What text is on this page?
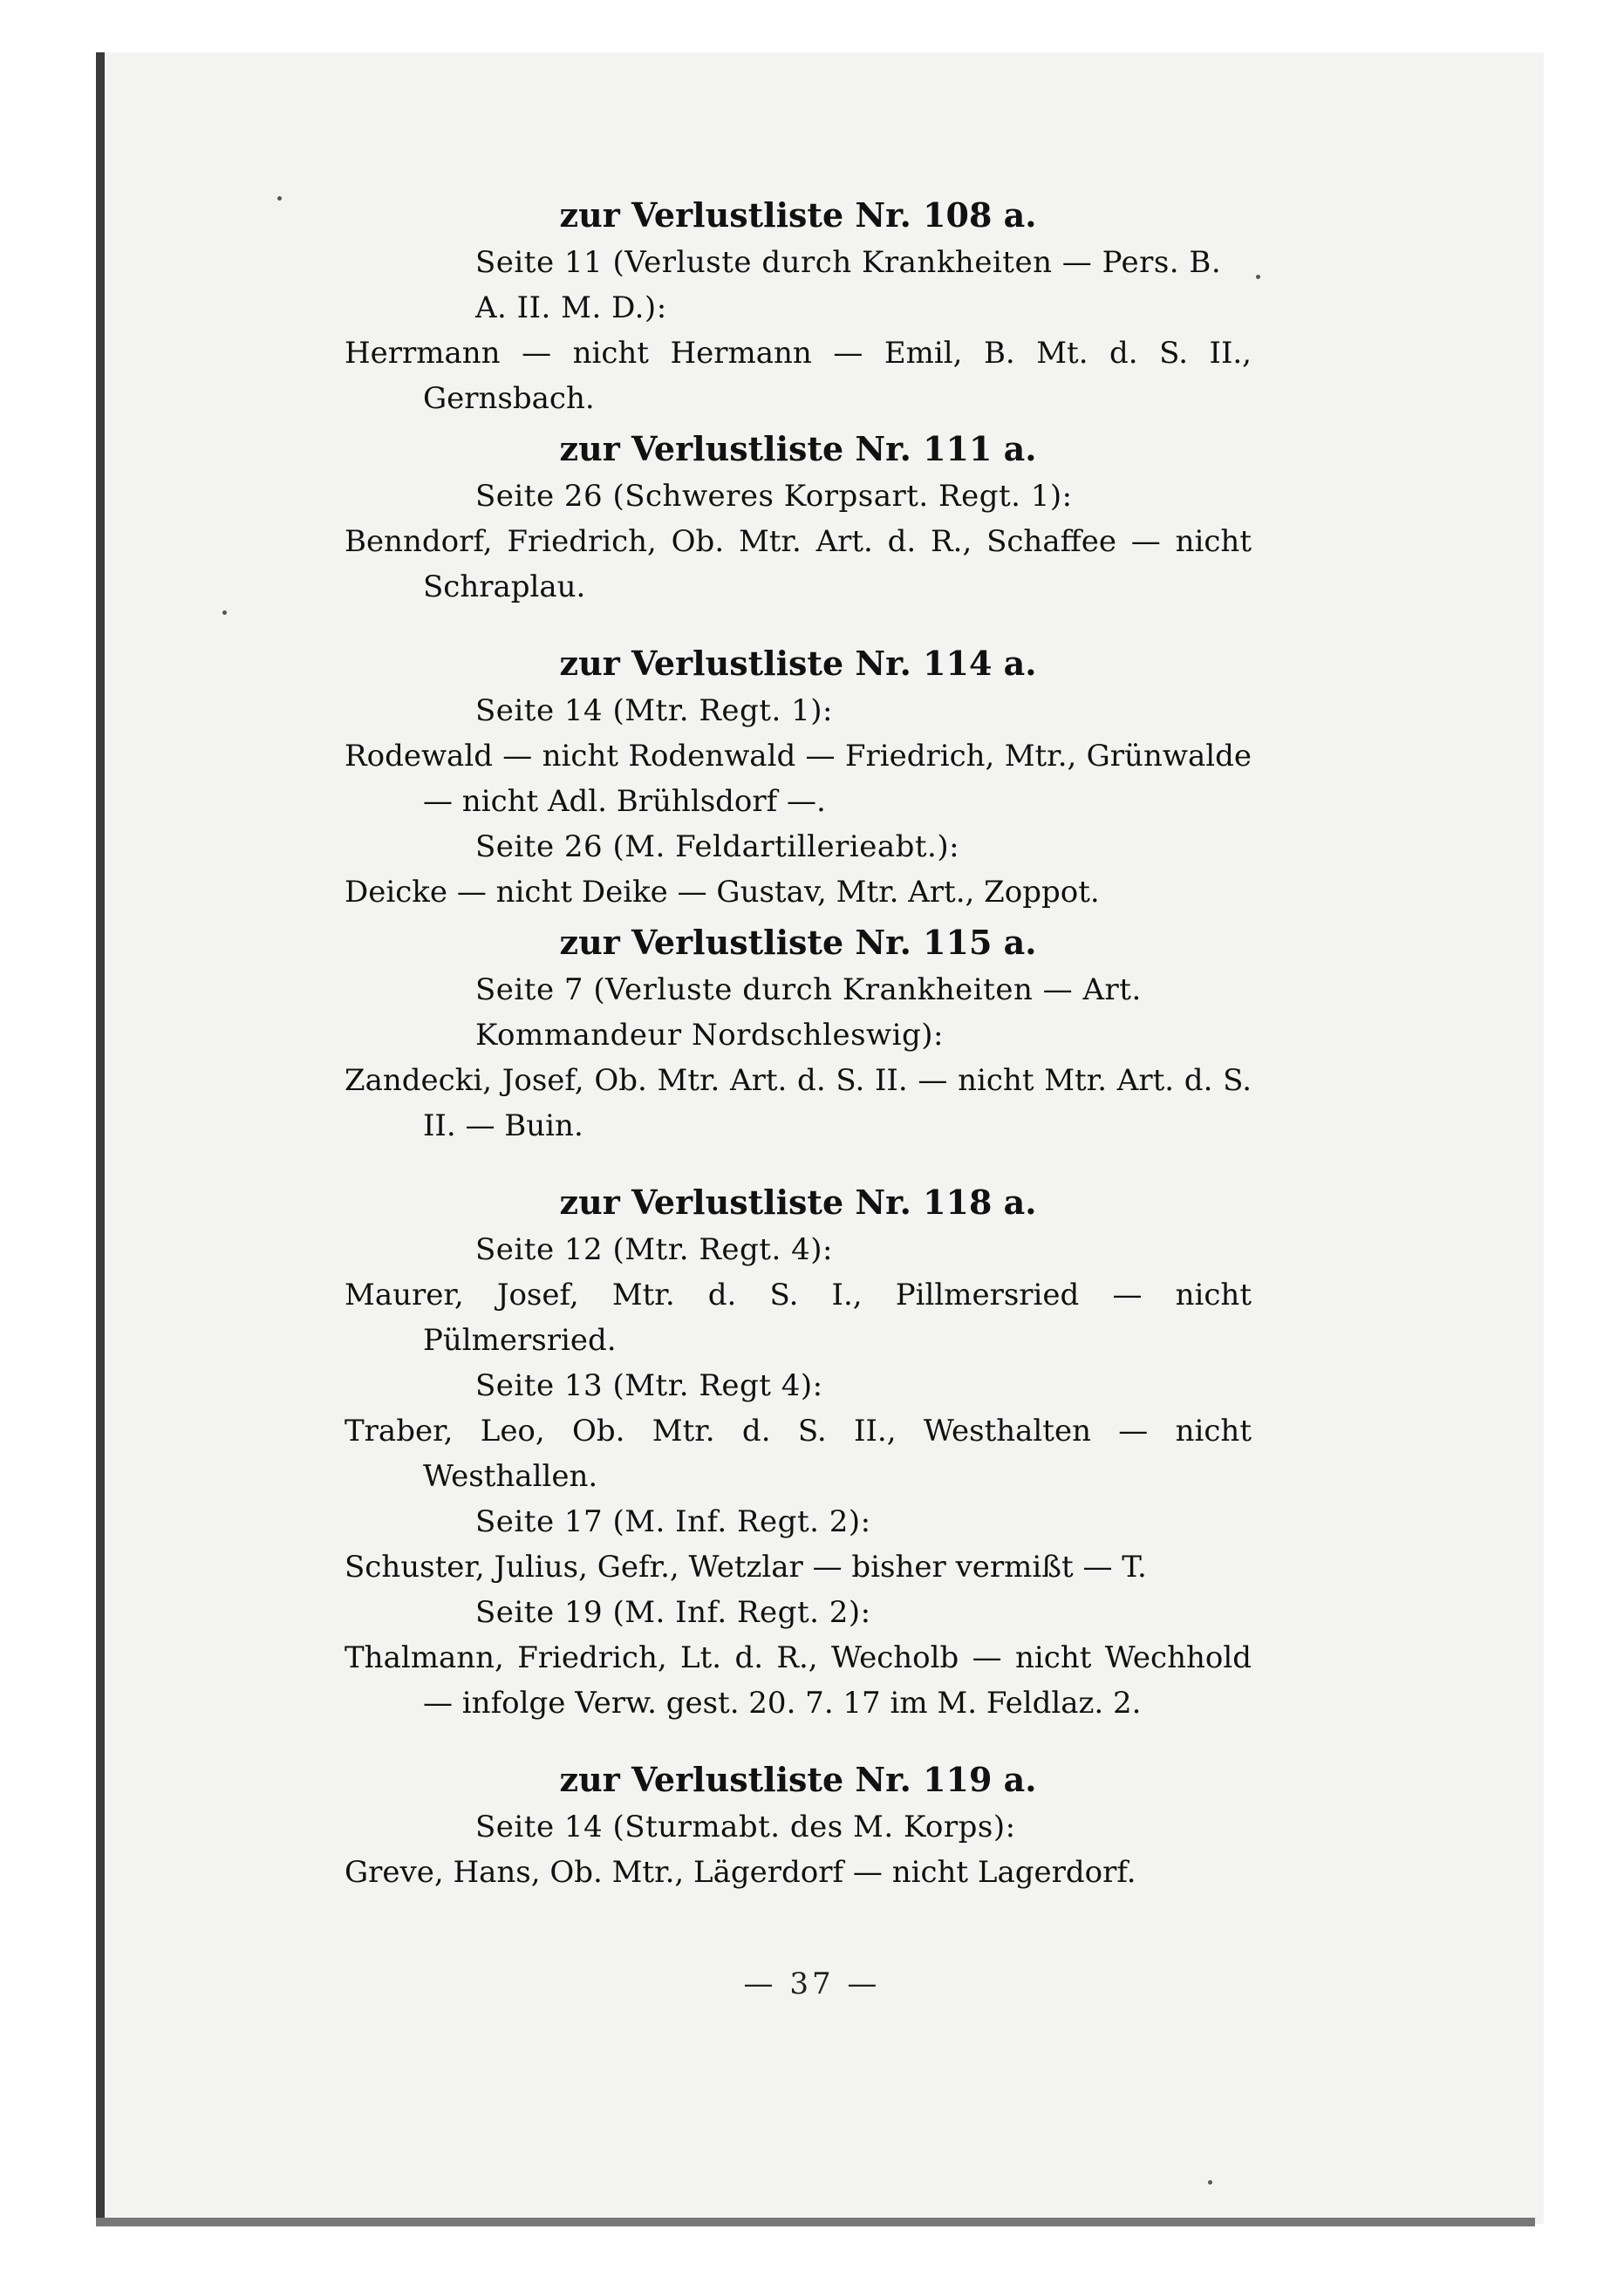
zur Verlustliste Nr. 108 a.
Seite 11 (Verluste durch Krankheiten — Pers. B. A. II. M. D.):
Herrmann — nicht Hermann — Emil, B. Mt. d. S. II., Gernsbach.
zur Verlustliste Nr. 111 a.
Seite 26 (Schweres Korpsart. Regt. 1):
Benndorf, Friedrich, Ob. Mtr. Art. d. R., Schaffee — nicht Schraplau.
zur Verlustliste Nr. 114 a.
Seite 14 (Mtr. Regt. 1):
Rodewald — nicht Rodenwald — Friedrich, Mtr., Grünwalde — nicht Adl. Brühlsdorf —.
Seite 26 (M. Feldartillerieabt.):
Deicke — nicht Deike — Gustav, Mtr. Art., Zoppot.
zur Verlustliste Nr. 115 a.
Seite 7 (Verluste durch Krankheiten — Art. Kommandeur Nordschleswig):
Zandecki, Josef, Ob. Mtr. Art. d. S. II. — nicht Mtr. Art. d. S. II. — Buin.
zur Verlustliste Nr. 118 a.
Seite 12 (Mtr. Regt. 4):
Maurer, Josef, Mtr. d. S. I., Pillmersried — nicht Pülmersried.
Seite 13 (Mtr. Regt 4):
Traber, Leo, Ob. Mtr. d. S. II., Westhalten — nicht Westhallen.
Seite 17 (M. Inf. Regt. 2):
Schuster, Julius, Gefr., Wetzlar — bisher vermißt — T.
Seite 19 (M. Inf. Regt. 2):
Thalmann, Friedrich, Lt. d. R., Wecholb — nicht Wechhold — infolge Verw. gest. 20. 7. 17 im M. Feldlaz. 2.
zur Verlustliste Nr. 119 a.
Seite 14 (Sturmabt. des M. Korps):
Greve, Hans, Ob. Mtr., Lägerdorf — nicht Lagerdorf.
— 37 —
